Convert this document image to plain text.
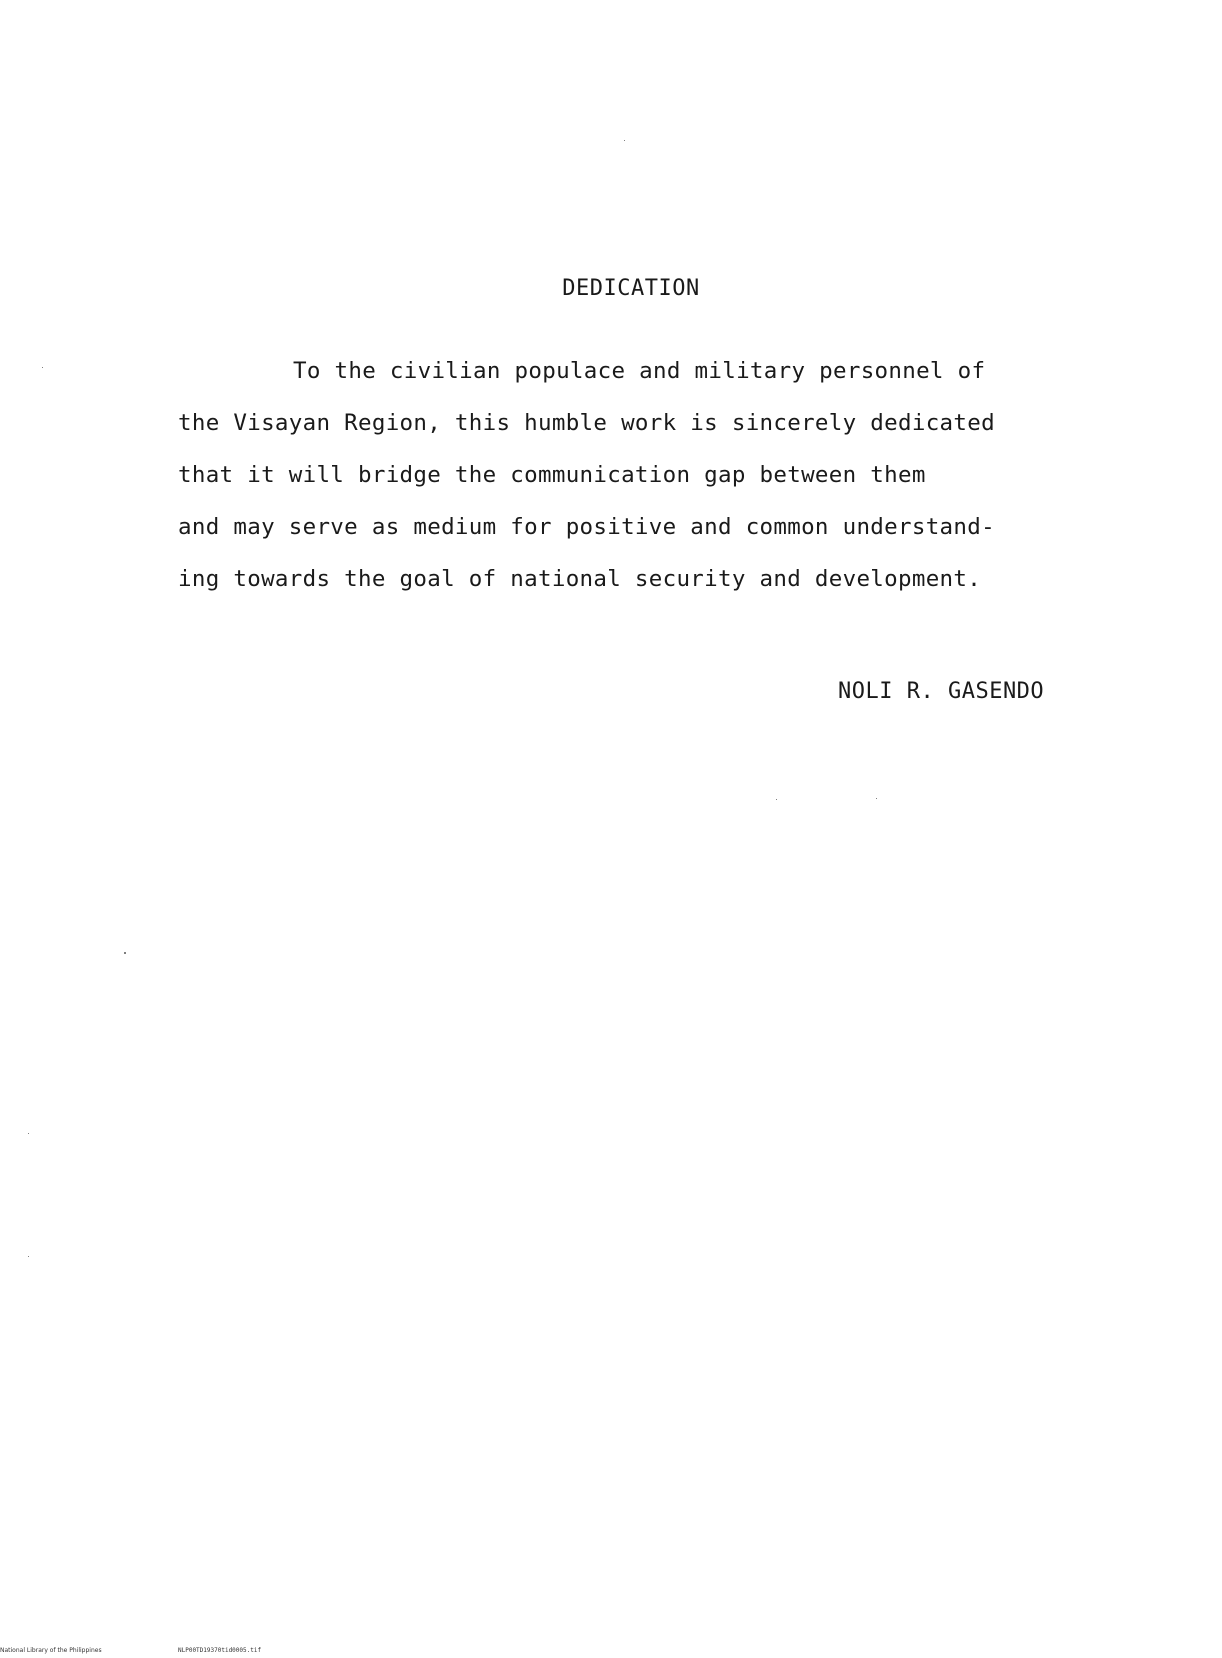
DEDICATION
To the civilian populace and military personnel of
the Visayan Region, this humble work is sincerely dedicated
that it will bridge the communication gap between them
and may serve as medium for positive and common understand-
ing towards the goal of national security and development.
NOLI R. GASENDO
National Library of the Philippines	NLP00TD19370tid0005.tif
